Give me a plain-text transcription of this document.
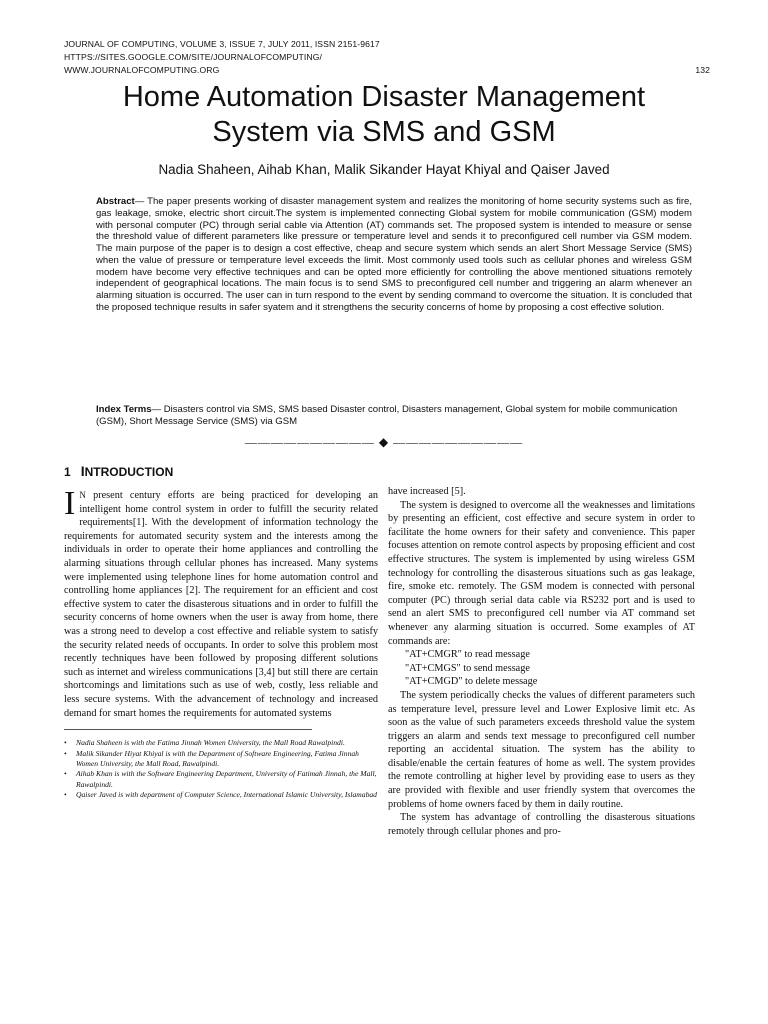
JOURNAL OF COMPUTING, VOLUME 3, ISSUE 7, JULY 2011, ISSN 2151-9617
HTTPS://SITES.GOOGLE.COM/SITE/JOURNALOFCOMPUTING/
WWW.JOURNALOFCOMPUTING.ORG	132
Home Automation Disaster Management
System via SMS and GSM
Nadia Shaheen, Aihab Khan, Malik Sikander Hayat Khiyal and Qaiser Javed

Abstract— The paper presents working of disaster management system and realizes the monitoring of home security systems such as fire, gas leakage, smoke, electric short circuit.The system is implemented connecting Global system for mobile communication (GSM) modem with personal computer (PC) through serial cable via Attention (AT) commands set. The proposed system is intended to measure or sense the threshold value of different parameters like pressure or temperature level and sends it to preconfigured cell number via GSM modem. The main purpose of the paper is to design a cost effective, cheap and secure system which sends an alert Short Message Service (SMS) when the value of pressure or temperature level exceeds the limit. Most commonly used tools such as cellular phones and wireless GSM modem have become very effective techniques and can be opted more efficiently for controlling the above mentioned situations remotely independent of geographical locations. The main focus is to send SMS to preconfigured cell number and triggering an alarm whenever an alarming situation is occurred. The user can in turn respond to the event by sending command to overcome the situation. It is concluded that the proposed technique results in safer syatem and it strengthens the security concerns of home by proposing a cost effective solution.

Index Terms— Disasters control via SMS, SMS based Disaster control, Disasters management, Global system for mobile communication (GSM), Short Message Service (SMS) via GSM

—————————— ◆ ——————————
1 INTRODUCTION

I N present century efforts are being practiced for developing an intelligent home control system in order to fulfill the security related requirements[1]. With the development of information technology the requirements for automated security system and the interests among the individuals in order to operate their home appliances and controlling the alarming situations through cellular phones has increased. Many systems were implemented using telephone lines for home automation control and controlling home appliances [2]. The requirement for an efficient and cost effective system to cater the disasterous situations and in order to fulfill the security concerns of home owners when the user is away from home, there was a strong need to develop a cost effective and reliable system to satisfy the security related needs of occupants. In order to solve this problem most recently techniques have been followed by proposing different solutions such as internet and wireless communications [3,4] but still there are certain shortcomings and limitations such as use of web, costly, less reliable and less secure systems. With the advancement of technology and increased demand for smart homes the requirements for automated systems

• Nadia Shaheen is with the Fatima Jinnah Women University, the Mall Road Rawalpindi.
• Malik Sikander Hiyat Khiyal is with the Department of Software Engineering, Fatima Jinnah Women University, the Mall Road, Rawalpindi.
• Aihab Khan is with the Software Engineering Department, University of Fatimah Jinnah, the Mall, Rawalpindi.
• Qaiser Javed is with department of Computer Science, International Islamic University, Islamabad

have increased [5].

The system is designed to overcome all the weaknesses and limitations by presenting an efficient, cost effective and secure system in order to facilitate the home owners for their safety and convenience. This paper focuses attention on remote control aspects by proposing efficient and cost effective structures. The system is implemented by using wireless GSM technology for controlling the disasterous situations such as gas leakage, fire, smoke etc. remotely. The GSM modem is connected with personal computer (PC) through serial data cable via RS232 port and is used to send an alert SMS to preconfigured cell number via AT command set whenever any alarming situation is occurred. Some examples of AT commands are:

"AT+CMGR" to read message

"AT+CMGS" to send message

"AT+CMGD" to delete message

The system periodically checks the values of different parameters such as temperature level, pressure level and Lower Explosive limit etc. As soon as the value of such parameters exceeds threshold value the system triggers an alarm and sends text message to preconfigured cell number reporting an accidental situation. The system has the ability to disable/enable the certain features of home as well. The system provides the remote controlling at higher level by providing ease to users as they are provided with flexible and user friendly system that overcomes the problems of home owners faced by them in daily routine.

The system has advantage of controlling the disasterous situations remotely through cellular phones and pro-
